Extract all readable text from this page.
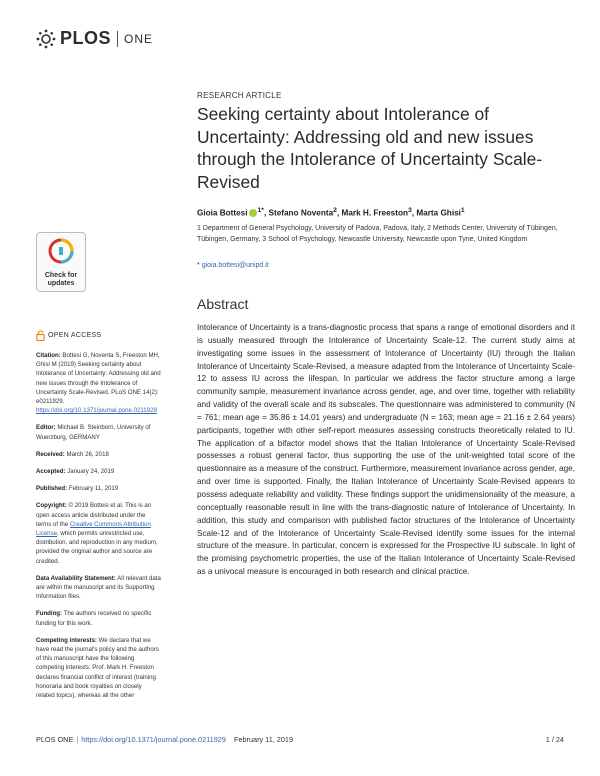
PLOS ONE
RESEARCH ARTICLE
Seeking certainty about Intolerance of Uncertainty: Addressing old and new issues through the Intolerance of Uncertainty Scale-Revised
Gioia Bottesi $^{1*}$, Stefano Noventa$^2$, Mark H. Freeston$^3$, Marta Ghisi$^1$
1 Department of General Psychology, University of Padova, Padova, Italy, 2 Methods Center, University of Tübingen, Tübingen, Germany, 3 School of Psychology, Newcastle University, Newcastle upon Tyne, United Kingdom
* gioia.bottesi@unipd.it
Check for
updates
Abstract

Intolerance of Uncertainty is a trans-diagnostic process that spans a range of emotional disorders and it is usually measured through the Intolerance of Uncertainty Scale-12. The current study aims at investigating some issues in the assessment of Intolerance of Uncertainty (IU) through the Italian Intolerance of Uncertainty Scale-Revised, a measure adapted from the Intolerance of Uncertainty Scale-12 to assess IU across the lifespan. In particular we address the factor structure among a large community sample, measurement invariance across gender, age, and over time, together with reliability and validity of the overall scale and its subscales. The questionnaire was administered to community (N = 761; mean age = 35.86 ± 14.01 years) and undergraduate (N = 163; mean age = 21.16 ± 2.64 years) participants, together with other self-report measures assessing constructs theoretically related to IU. The application of a bifactor model shows that the Italian Intolerance of Uncertainty Scale-Revised possesses a robust general factor, thus supporting the use of the unit-weighted total score of the questionnaire as a measure of the construct. Furthermore, measurement invariance across gender, age, and over time is supported. Finally, the Italian Intolerance of Uncertainty Scale-Revised appears to possess adequate reliability and validity. These findings support the unidimensionality of the measure, a conceptually reasonable result in line with the trans-diagnostic nature of Intolerance of Uncertainty. In addition, this study and comparison with published factor structures of the Intolerance of Uncertainty Scale-12 and of the Intolerance of Uncertainty Scale-Revised identify some issues for the internal structure of the measure. In particular, concern is expressed for the Prospective IU subscale. In light of the promising psychometric properties, the use of the Italian Intolerance of Uncertainty Scale-Revised as a univocal measure is encouraged in both research and clinical practice.

OPEN ACCESS

Citation: Bottesi G, Noventa S, Freeston MH, Ghisi M (2019) Seeking certainty about Intolerance of Uncertainty: Addressing old and new issues through the Intolerance of Uncertainty Scale-Revised. PLoS ONE 14(2): e0211929. https://doi.org/10.1371/journal.pone.0211929

Editor: Michael B. Steinborn, University of Wuerzburg, GERMANY

Received: March 26, 2018

Accepted: January 24, 2019

Published: February 11, 2019

Copyright: © 2019 Bottesi et al. This is an open access article distributed under the terms of the Creative Commons Attribution License, which permits unrestricted use, distribution, and reproduction in any medium, provided the original author and source are credited.

Data Availability Statement: All relevant data are within the manuscript and its Supporting Information files.

Funding: The authors received no specific funding for this work.

Competing interests: We declare that we have read the journal's policy and the authors of this manuscript have the following competing interests: Prof. Mark H. Freeston declares financial conflict of interest (training honoraria and book royalties on closely related topics), whereas all the other

PLOS ONE | https://doi.org/10.1371/journal.pone.0211929 February 11, 2019	1 / 24
